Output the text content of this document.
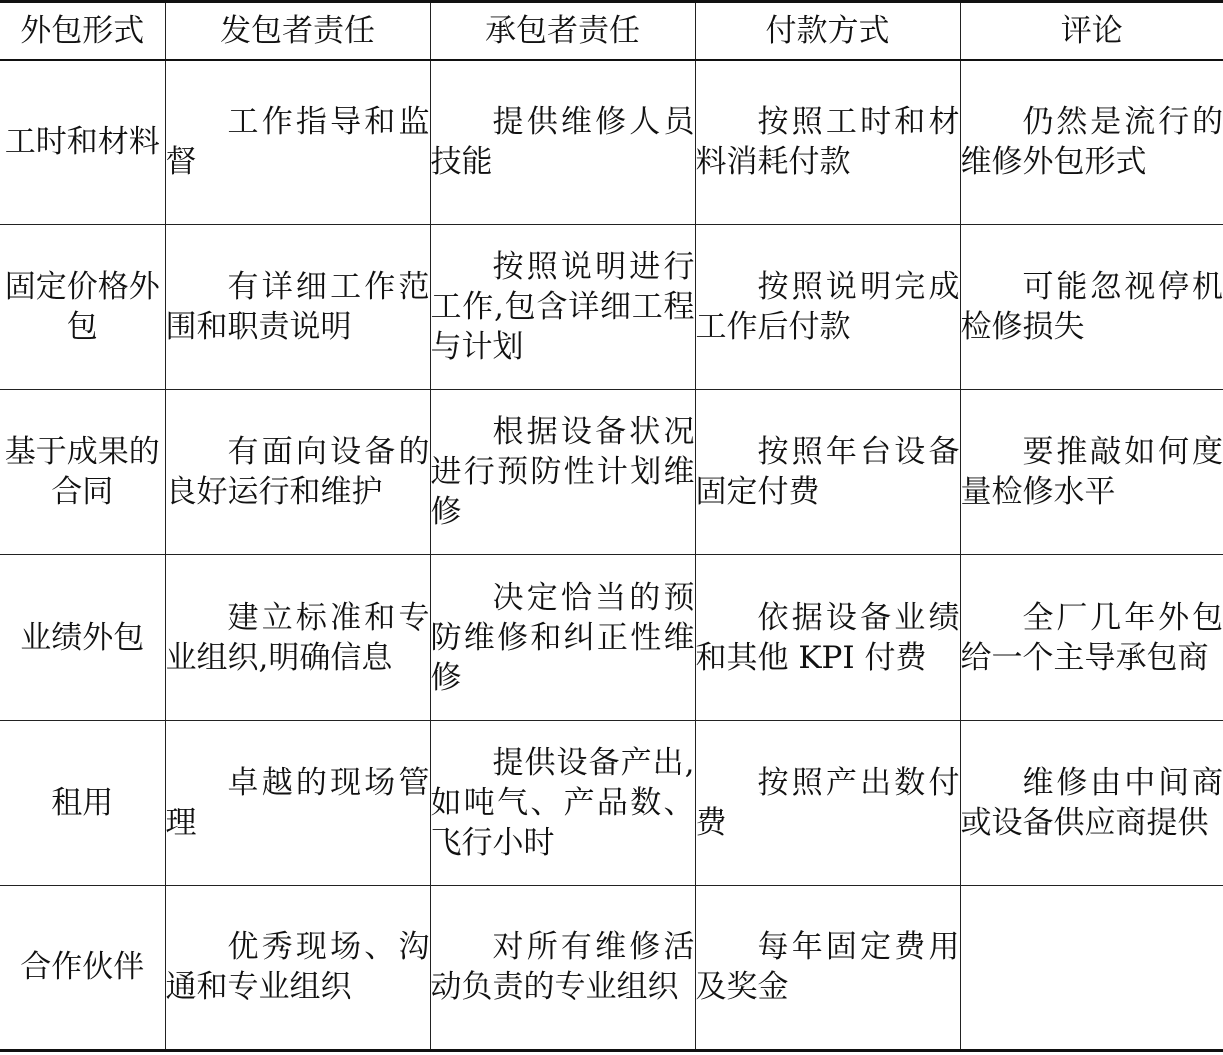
外包形式	发包者责任	承包者责任	付款方式	评论
工时和材料	工作指导和监督	提供维修人员技能	按照工时和材料消耗付款	仍然是流行的维修外包形式

固定价格外包	有详细工作范围和职责说明	按照说明进行工作,包含详细工程与计划	按照说明完成工作后付款	可能忽视停机检修损失

基于成果的合同	有面向设备的良好运行和维护	根据设备状况进行预防性计划维修	按照年台设备固定付费	要推敲如何度量检修水平

业绩外包	建立标准和专业组织,明确信息	决定恰当的预防维修和纠正性维修	依据设备业绩和其他 KPI 付费	全厂几年外包给一个主导承包商

租用	卓越的现场管理	提供设备产出,如吨气、产品数、飞行小时	按照产出数付费	维修由中间商或设备供应商提供

合作伙伴	优秀现场、沟通和专业组织	对所有维修活动负责的专业组织	每年固定费用及奖金	
